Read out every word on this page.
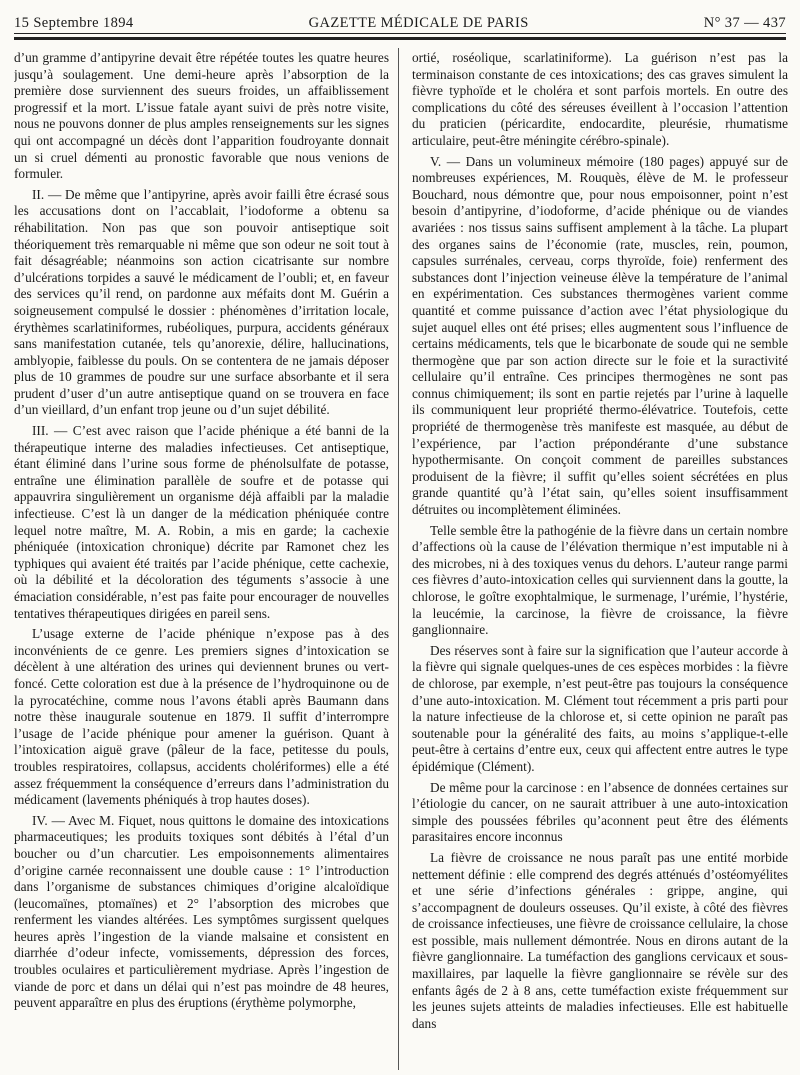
15 Septembre 1894	GAZETTE MÉDICALE DE PARIS	N° 37 — 437

d’un gramme d’antipyrine devait être répétée toutes les quatre heures jusqu’à soulagement. Une demi-heure après l’absorption de la première dose surviennent des sueurs froides, un affaiblissement progressif et la mort. L’issue fatale ayant suivi de près notre visite, nous ne pouvons donner de plus amples renseignements sur les signes qui ont accompagné un décès dont l’apparition foudroyante donnait un si cruel démenti au pronostic favorable que nous venions de formuler.

II. — De même que l’antipyrine, après avoir failli être écrasé sous les accusations dont on l’accablait, l’iodoforme a obtenu sa réhabilitation. Non pas que son pouvoir antiseptique soit théoriquement très remarquable ni même que son odeur ne soit tout à fait désagréable; néanmoins son action cicatrisante sur nombre d’ulcérations torpides a sauvé le médicament de l’oubli; et, en faveur des services qu’il rend, on pardonne aux méfaits dont M. Guérin a soigneusement compulsé le dossier : phénomènes d’irritation locale, érythèmes scarlatiniformes, rubéoliques, purpura, accidents généraux sans manifestation cutanée, tels qu’anorexie, délire, hallucinations, amblyopie, faiblesse du pouls. On se contentera de ne jamais déposer plus de 10 grammes de poudre sur une surface absorbante et il sera prudent d’user d’un autre antiseptique quand on se trouvera en face d’un vieillard, d’un enfant trop jeune ou d’un sujet débilité.

III. — C’est avec raison que l’acide phénique a été banni de la thérapeutique interne des maladies infectieuses. Cet antiseptique, étant éliminé dans l’urine sous forme de phénolsulfate de potasse, entraîne une élimination parallèle de soufre et de potasse qui appauvrira singulièrement un organisme déjà affaibli par la maladie infectieuse. C’est là un danger de la médication phéniquée contre lequel notre maître, M. A. Robin, a mis en garde; la cachexie phéniquée (intoxication chronique) décrite par Ramonet chez les typhiques qui avaient été traités par l’acide phénique, cette cachexie, où la débilité et la décoloration des téguments s’associe à une émaciation considérable, n’est pas faite pour encourager de nouvelles tentatives thérapeutiques dirigées en pareil sens.

L’usage externe de l’acide phénique n’expose pas à des inconvénients de ce genre. Les premiers signes d’intoxication se décèlent à une altération des urines qui deviennent brunes ou vert-foncé. Cette coloration est due à la présence de l’hydroquinone ou de la pyrocatéchine, comme nous l’avons établi après Baumann dans notre thèse inaugurale soutenue en 1879. Il suffit d’interrompre l’usage de l’acide phénique pour amener la guérison. Quant à l’intoxication aiguë grave (pâleur de la face, petitesse du pouls, troubles respiratoires, collapsus, accidents cholériformes) elle a été assez fréquemment la conséquence d’erreurs dans l’administration du médicament (lavements phéniqués à trop hautes doses).

IV. — Avec M. Fiquet, nous quittons le domaine des intoxications pharmaceutiques; les produits toxiques sont débités à l’étal d’un boucher ou d’un charcutier. Les empoisonnements alimentaires d’origine carnée reconnaissent une double cause : 1° l’introduction dans l’organisme de substances chimiques d’origine alcaloïdique (leucomaïnes, ptomaïnes) et 2° l’absorption des microbes que renferment les viandes altérées. Les symptômes surgissent quelques heures après l’ingestion de la viande malsaine et consistent en diarrhée d’odeur infecte, vomissements, dépression des forces, troubles oculaires et particulièrement mydriase. Après l’ingestion de viande de porc et dans un délai qui n’est pas moindre de 48 heures, peuvent apparaître en plus des éruptions (érythème polymorphe,

ortié, roséolique, scarlatiniforme). La guérison n’est pas la terminaison constante de ces intoxications; des cas graves simulent la fièvre typhoïde et le choléra et sont parfois mortels. En outre des complications du côté des séreuses éveillent à l’occasion l’attention du praticien (péricardite, endocardite, pleurésie, rhumatisme articulaire, peut-être méningite cérébro-spinale).

V. — Dans un volumineux mémoire (180 pages) appuyé sur de nombreuses expériences, M. Rouquès, élève de M. le professeur Bouchard, nous démontre que, pour nous empoisonner, point n’est besoin d’antipyrine, d’iodoforme, d’acide phénique ou de viandes avariées : nos tissus sains suffisent amplement à la tâche. La plupart des organes sains de l’économie (rate, muscles, rein, poumon, capsules surrénales, cerveau, corps thyroïde, foie) renferment des substances dont l’injection veineuse élève la température de l’animal en expérimentation. Ces substances thermogènes varient comme quantité et comme puissance d’action avec l’état physiologique du sujet auquel elles ont été prises; elles augmentent sous l’influence de certains médicaments, tels que le bicarbonate de soude qui ne semble thermogène que par son action directe sur le foie et la suractivité cellulaire qu’il entraîne. Ces principes thermogènes ne sont pas connus chimiquement; ils sont en partie rejetés par l’urine à laquelle ils communiquent leur propriété thermo-élévatrice. Toutefois, cette propriété de thermogenèse très manifeste est masquée, au début de l’expérience, par l’action prépondérante d’une substance hypothermisante. On conçoit comment de pareilles substances produisent de la fièvre; il suffit qu’elles soient sécrétées en plus grande quantité qu’à l’état sain, qu’elles soient insuffisamment détruites ou incomplètement éliminées.

Telle semble être la pathogénie de la fièvre dans un certain nombre d’affections où la cause de l’élévation thermique n’est imputable ni à des microbes, ni à des toxiques venus du dehors. L’auteur range parmi ces fièvres d’auto-intoxication celles qui surviennent dans la goutte, la chlorose, le goître exophtalmique, le surmenage, l’urémie, l’hystérie, la leucémie, la carcinose, la fièvre de croissance, la fièvre ganglionnaire.

Des réserves sont à faire sur la signification que l’auteur accorde à la fièvre qui signale quelques-unes de ces espèces morbides : la fièvre de chlorose, par exemple, n’est peut-être pas toujours la conséquence d’une auto-intoxication. M. Clément tout récemment a pris parti pour la nature infectieuse de la chlorose et, si cette opinion ne paraît pas soutenable pour la généralité des faits, au moins s’applique-t-elle peut-être à certains d’entre eux, ceux qui affectent entre autres le type épidémique (Clément).

De même pour la carcinose : en l’absence de données certaines sur l’étiologie du cancer, on ne saurait attribuer à une auto-intoxication simple des poussées fébriles qu’aconnent peut être des éléments parasitaires encore inconnus

La fièvre de croissance ne nous paraît pas une entité morbide nettement définie : elle comprend des degrés atténués d’ostéomyélites et une série d’infections générales : grippe, angine, qui s’accompagnent de douleurs osseuses. Qu’il existe, à côté des fièvres de croissance infectieuses, une fièvre de croissance cellulaire, la chose est possible, mais nullement démontrée. Nous en dirons autant de la fièvre ganglionnaire. La tuméfaction des ganglions cervicaux et sous-maxillaires, par laquelle la fièvre ganglionnaire se révèle sur des enfants âgés de 2 à 8 ans, cette tuméfaction existe fréquemment sur les jeunes sujets atteints de maladies infectieuses. Elle est habituelle dans
